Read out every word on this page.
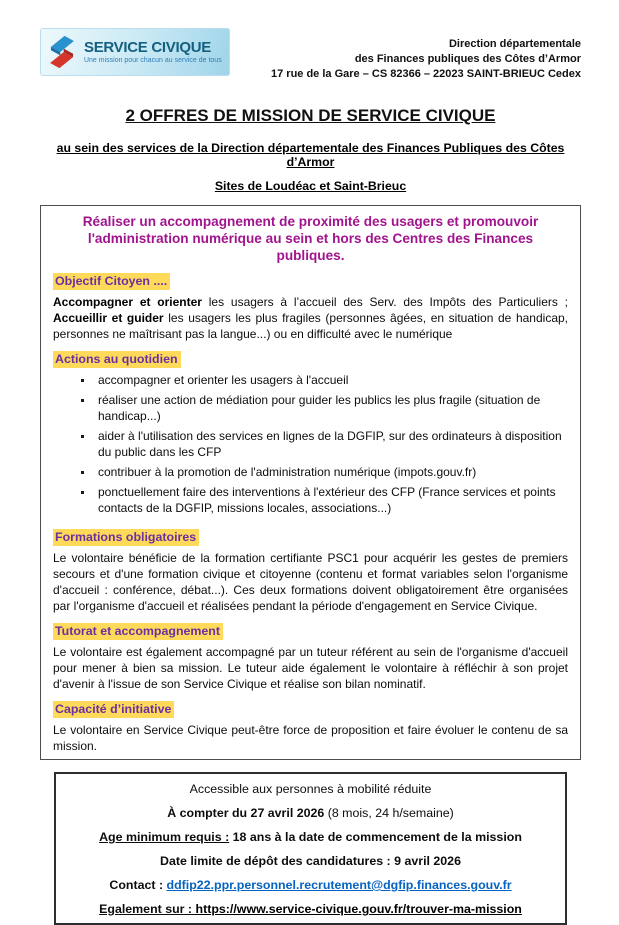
SERVICE CIVIQUE
Une mission pour chacun au service de tous
Direction départementale
des Finances publiques des Côtes d’Armor
17 rue de la Gare – CS 82366 – 22023 SAINT-BRIEUC Cedex
2 OFFRES DE MISSION DE SERVICE CIVIQUE
au sein des services de la Direction départementale des Finances Publiques des Côtes d’Armor
Sites de Loudéac et Saint-Brieuc
Réaliser un accompagnement de proximité des usagers et promouvoir
l'administration numérique au sein et hors des Centres des Finances publiques.
Objectif Citoyen ....

Accompagner et orienter les usagers à l’accueil des Serv. des Impôts des Particuliers ; Accueillir et guider les usagers les plus fragiles (personnes âgées, en situation de handicap, personnes ne maîtrisant pas la langue...) ou en difficulté avec le numérique

Actions au quotidien
accompagner et orienter les usagers à l'accueil
réaliser une action de médiation pour guider les publics les plus fragile (situation de handicap...)
aider à l'utilisation des services en lignes de la DGFIP, sur des ordinateurs à disposition du public dans les CFP
contribuer à la promotion de l'administration numérique (impots.gouv.fr)
ponctuellement faire des interventions à l'extérieur des CFP (France services et points contacts de la DGFIP, missions locales, associations...)
Formations obligatoires

Le volontaire bénéficie de la formation certifiante PSC1 pour acquérir les gestes de premiers secours et d'une formation civique et citoyenne (contenu et format variables selon l'organisme d'accueil : conférence, débat...). Ces deux formations doivent obligatoirement être organisées par l'organisme d'accueil et réalisées pendant la période d'engagement en Service Civique.

Tutorat et accompagnement

Le volontaire est également accompagné par un tuteur référent au sein de l'organisme d'accueil pour mener à bien sa mission. Le tuteur aide également le volontaire à réfléchir à son projet d'avenir à l'issue de son Service Civique et réalise son bilan nominatif.

Capacité d’initiative

Le volontaire en Service Civique peut-être force de proposition et faire évoluer le contenu de sa mission.

Accessible aux personnes à mobilité réduite
À compter du 27 avril 2026 (8 mois, 24 h/semaine)
Age minimum requis : 18 ans à la date de commencement de la mission
Date limite de dépôt des candidatures : 9 avril 2026
Contact : ddfip22.ppr.personnel.recrutement@dgfip.finances.gouv.fr
Egalement sur : https://www.service-civique.gouv.fr/trouver-ma-mission
